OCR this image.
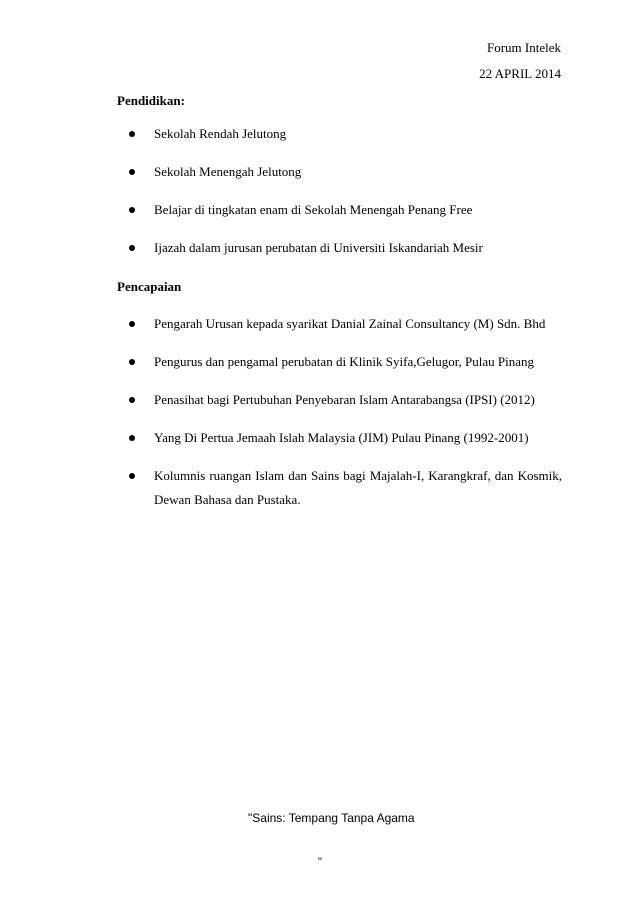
Forum Intelek
22 APRIL 2014
Pendidikan:
Sekolah Rendah Jelutong
Sekolah Menengah Jelutong
Belajar di tingkatan enam di Sekolah Menengah Penang Free
Ijazah dalam jurusan perubatan di Universiti Iskandariah Mesir
Pencapaian
Pengarah Urusan kepada syarikat Danial Zainal Consultancy (M) Sdn. Bhd
Pengurus dan pengamal perubatan di Klinik Syifa,Gelugor, Pulau Pinang
Penasihat bagi Pertubuhan Penyebaran Islam Antarabangsa (IPSI) (2012)
Yang Di Pertua Jemaah Islah Malaysia (JIM) Pulau Pinang (1992-2001)
Kolumnis ruangan Islam dan Sains bagi Majalah-I, Karangkraf, dan Kosmik, Dewan Bahasa dan Pustaka.
"Sains: Tempang Tanpa Agama
"
